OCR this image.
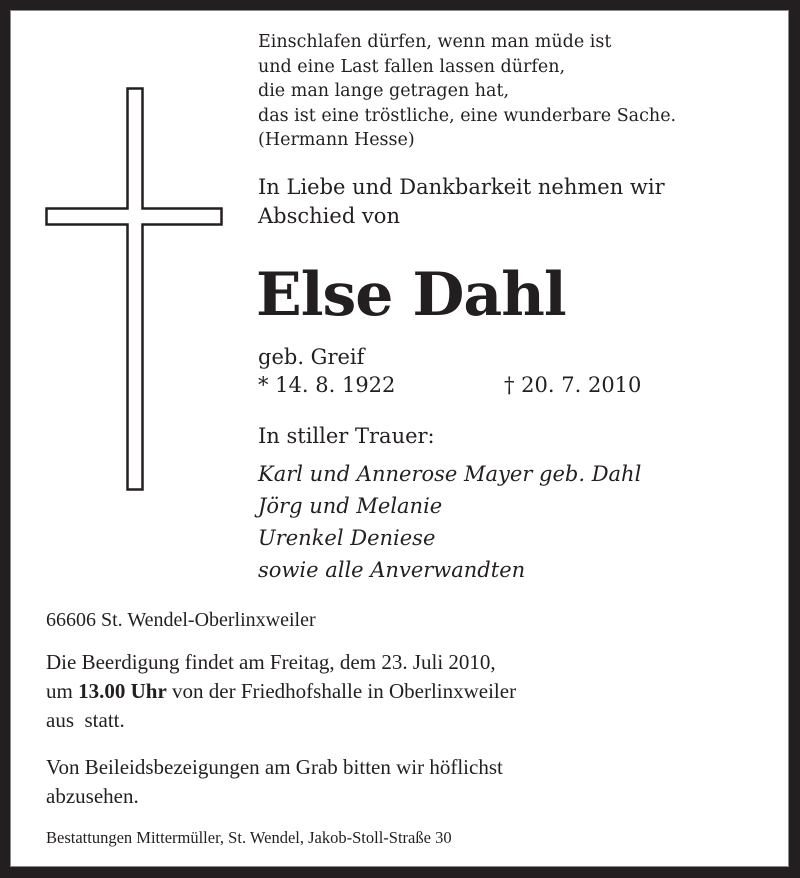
Einschlafen dürfen, wenn man müde ist
und eine Last fallen lassen dürfen,
die man lange getragen hat,
das ist eine tröstliche, eine wunderbare Sache.
(Hermann Hesse)
In Liebe und Dankbarkeit nehmen wir
Abschied von
Else Dahl
geb. Greif
* 14. 8. 1922	† 20. 7. 2010
In stiller Trauer:
Karl und Annerose Mayer geb. Dahl
Jörg und Melanie
Urenkel Deniese
sowie alle Anverwandten
66606 St. Wendel-Oberlinxweiler
Die Beerdigung findet am Freitag, dem 23. Juli 2010,
um 13.00 Uhr von der Friedhofshalle in Oberlinxweiler
aus  statt.
Von Beileidsbezeigungen am Grab bitten wir höflichst
abzusehen.
Bestattungen Mittermüller, St. Wendel, Jakob-Stoll-Straße 30
